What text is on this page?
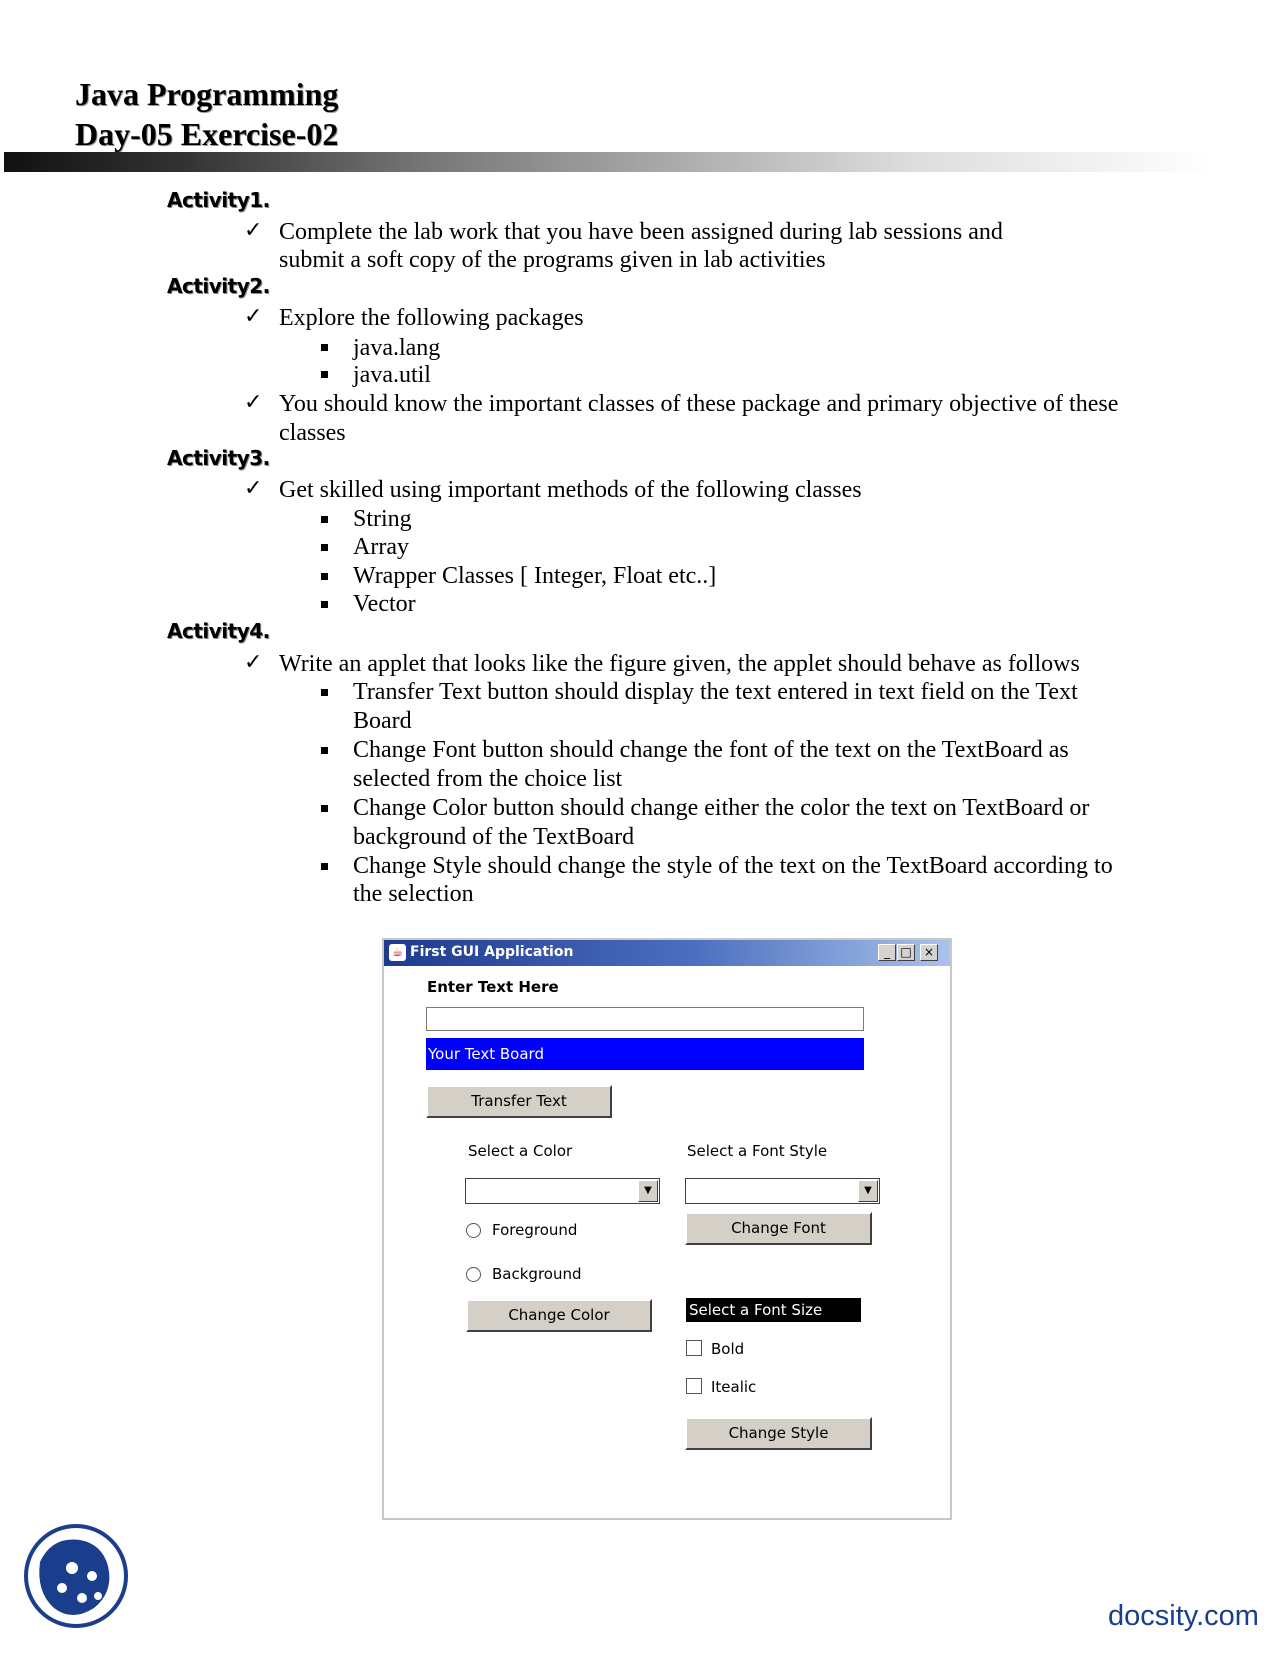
Java Programming
Day-05 Exercise-02
Activity1.
✓ Complete the lab work that you have been assigned during lab sessions and
submit a soft copy of the programs given in lab activities
Activity2.
✓ Explore the following packages
java.lang
java.util
✓ You should know the important classes of these package and primary objective of these
classes
Activity3.
✓ Get skilled using important methods of the following classes
String
Array
Wrapper Classes [ Integer, Float etc..]
Vector
Activity4.
✓ Write an applet that looks like the figure given, the applet should behave as follows
Transfer Text button should display the text entered in text field on the Text
Board
Change Font button should change the font of the text on the TextBoard as
selected from the choice list
Change Color button should change either the color the text on TextBoard or
background of the TextBoard
Change Style should change the style of the text on the TextBoard according to
the selection
☕ First GUI Application	_ □	×
Enter Text Here
Your Text Board
Transfer Text
Select a Color	Select a Font Style
▼	▼
Foreground	Change Font
Background
Change Color	Select a Font Size
Bold
Itealic
Change Style
docsity.com
